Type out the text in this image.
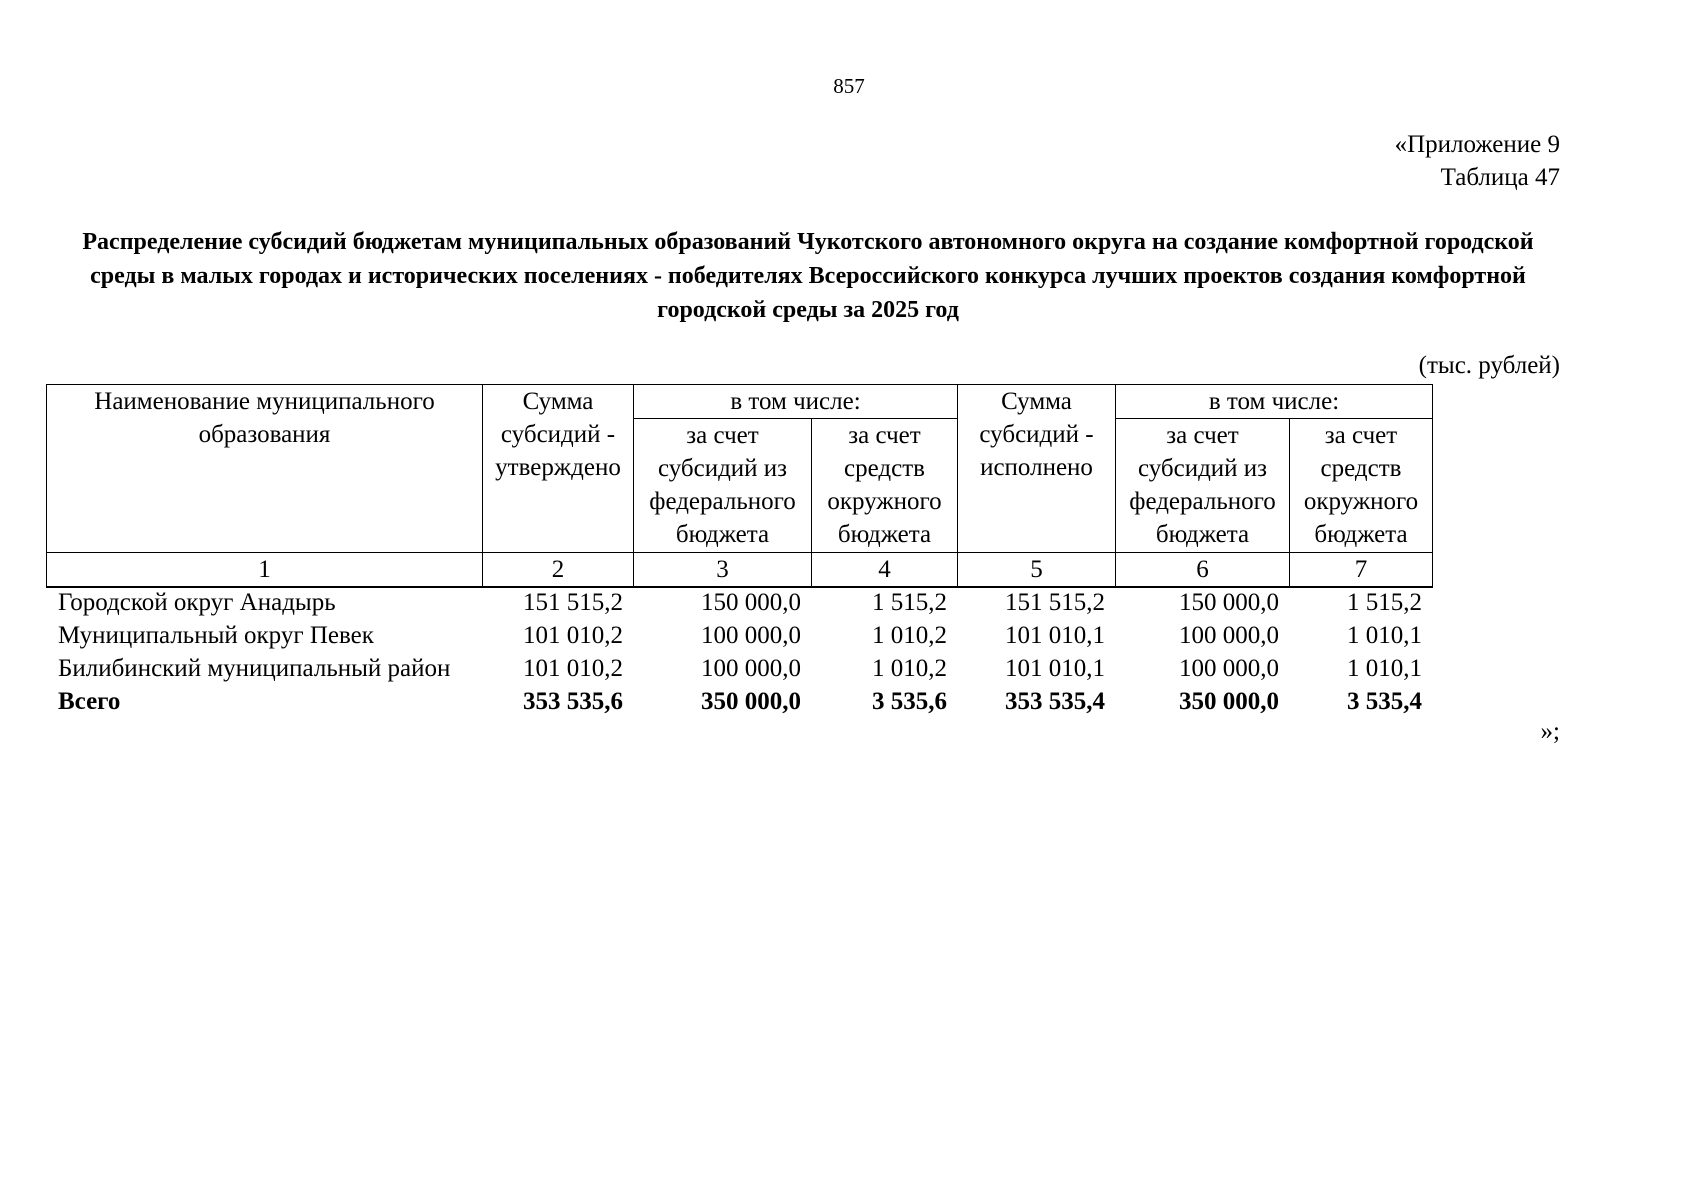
857
«Приложение 9
Таблица 47
Распределение субсидий бюджетам муниципальных образований Чукотского автономного округа на создание комфортной городской среды в малых городах и исторических поселениях - победителях Всероссийского конкурса лучших проектов создания комфортной городской среды за 2025 год
(тыс. рублей)
Наименование муниципального образования	Сумма субсидий - утверждено	в том числе:		Сумма субсидий - исполнено	в том числе:	
		за счет субсидий из федерального бюджета	за счет средств окружного бюджета		за счет субсидий из федерального бюджета	за счет средств окружного бюджета
1	2	3	4	5	6	7
Городской округ Анадырь	151 515,2	150 000,0	1 515,2	151 515,2	150 000,0	1 515,2
Муниципальный округ Певек	101 010,2	100 000,0	1 010,2	101 010,1	100 000,0	1 010,1
Билибинский муниципальный район	101 010,2	100 000,0	1 010,2	101 010,1	100 000,0	1 010,1
Всего	353 535,6	350 000,0	3 535,6	353 535,4	350 000,0	3 535,4
»;
